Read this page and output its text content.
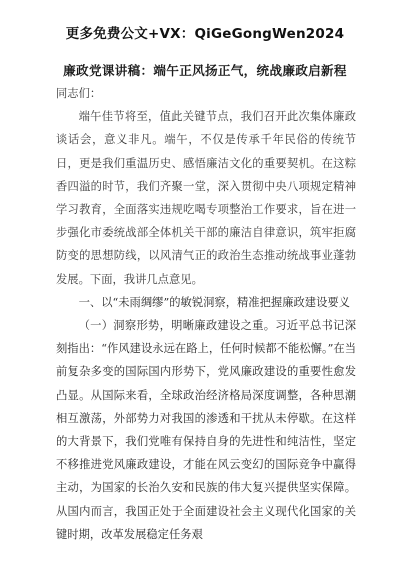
更多免费公文+VX：QiGeGongWen2024
廉政党课讲稿：端午正风扬正气，统战廉政启新程

同志们：

端午佳节将至，值此关键节点，我们召开此次集体廉政谈话会，意义非凡。端午，不仅是传承千年民俗的传统节日，更是我们重温历史、感悟廉洁文化的重要契机。在这粽香四溢的时节，我们齐聚一堂，深入贯彻中央八项规定精神学习教育，全面落实违规吃喝专项整治工作要求，旨在进一步强化市委统战部全体机关干部的廉洁自律意识，筑牢拒腐防变的思想防线，以风清气正的政治生态推动统战事业蓬勃发展。下面，我讲几点意见。

一、以“未雨绸缪”的敏锐洞察，精准把握廉政建设要义

（一）洞察形势，明晰廉政建设之重。习近平总书记深刻指出：“作风建设永远在路上，任何时候都不能松懈。”在当前复杂多变的国际国内形势下，党风廉政建设的重要性愈发凸显。从国际来看，全球政治经济格局深度调整，各种思潮相互激荡，外部势力对我国的渗透和干扰从未停歇。在这样的大背景下，我们党唯有保持自身的先进性和纯洁性，坚定不移推进党风廉政建设，才能在风云变幻的国际竞争中赢得主动，为国家的长治久安和民族的伟大复兴提供坚实保障。从国内而言，我国正处于全面建设社会主义现代化国家的关键时期，改革发展稳定任务艰
